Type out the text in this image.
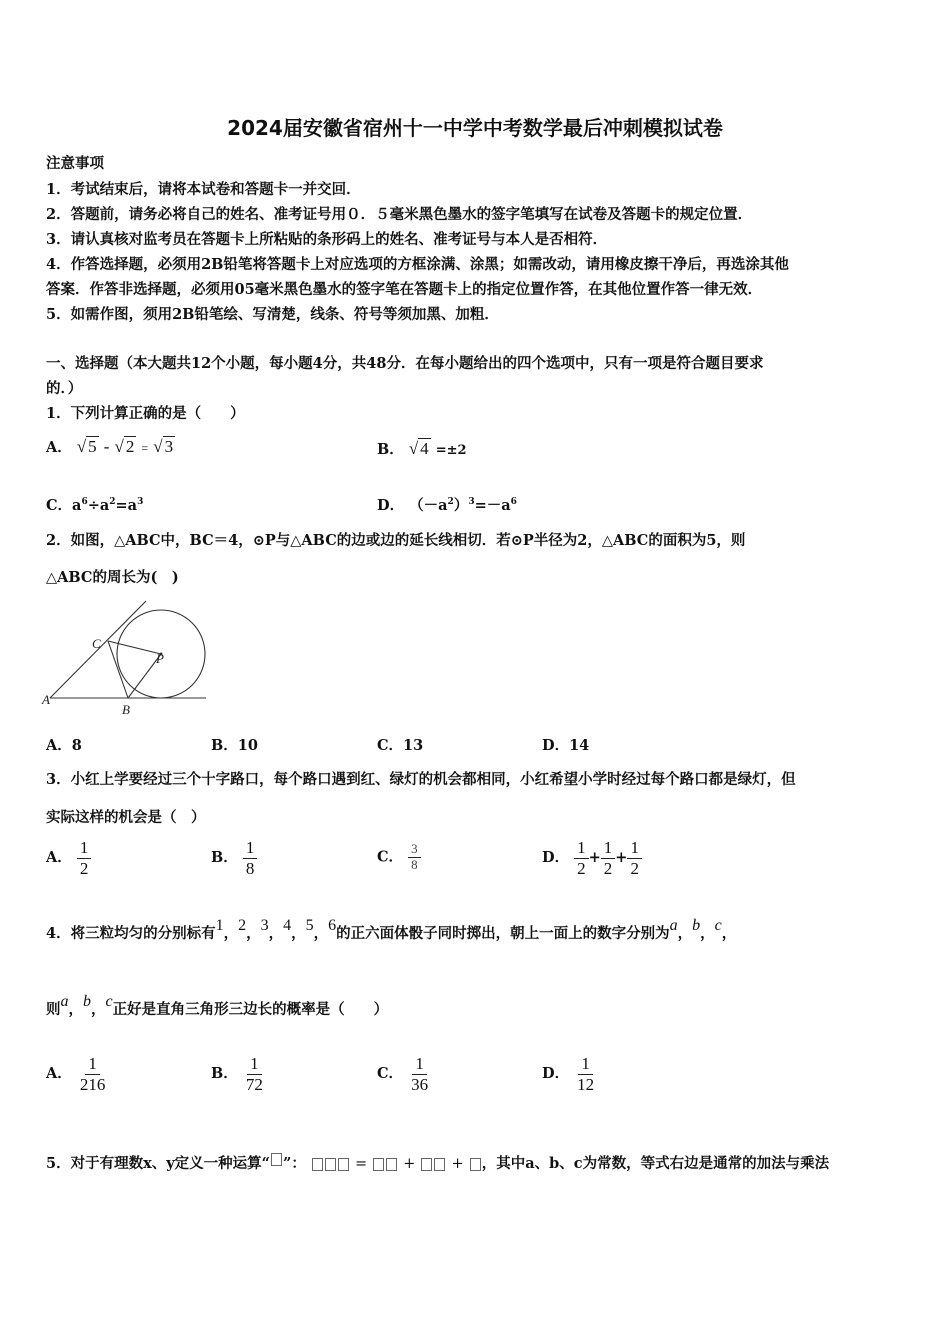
2024届安徽省宿州十一中学中考数学最后冲刺模拟试卷
注意事项
1．考试结束后，请将本试卷和答题卡一并交回．
2．答题前，请务必将自己的姓名、准考证号用０．５毫米黑色墨水的签字笔填写在试卷及答题卡的规定位置．
3．请认真核对监考员在答题卡上所粘贴的条形码上的姓名、准考证号与本人是否相符．
4．作答选择题，必须用2B铅笔将答题卡上对应选项的方框涂满、涂黑；如需改动，请用橡皮擦干净后，再选涂其他
答案．作答非选择题，必须用05毫米黑色墨水的签字笔在答题卡上的指定位置作答，在其他位置作答一律无效．
5．如需作图，须用2B铅笔绘、写清楚，线条、符号等须加黑、加粗．
一、选择题（本大题共12个小题，每小题4分，共48分．在每小题给出的四个选项中，只有一项是符合题目要求
的．）
1．下列计算正确的是（　　）
A． √ 5 - √ 2 = √ 3	B． √ 4 =±2
C．$a^6\div a^2=a^3$	D． $(-a^2)^3=-a^6$
2．如图，△ABC中，BC＝4，⊙P与△ABC的边或边的延长线相切．若⊙P半径为2，△ABC的面积为5，则
△ABC的周长为(　)
A
B
C
P
A．8	B．10	C．13	D．14
3．小红上学要经过三个十字路口，每个路口遇到红、绿灯的机会都相同，小红希望小学时经过每个路口都是绿灯，但
实际这样的机会是（　）
A． $\frac{1}{2}$	B． $\frac{1}{8}$	C． $\frac{3}{8}$	D． $\frac{1}{2} + \frac{1}{2} + \frac{1}{2}$
4．将三粒均匀的分别标有1，2，3，4，5，6的正六面体骰子同时掷出，朝上一面上的数字分别为a，b，c，
则a，b，c正好是直角三角形三边长的概率是（　　）
A． $\frac{1}{216}$	B． $\frac{1}{72}$	C． $\frac{1}{36}$	D． $\frac{1}{12}$
5．对于有理数x、y定义一种运算“ ”：	= + + ，其中a、b、c为常数，等式右边是通常的加法与乘法
